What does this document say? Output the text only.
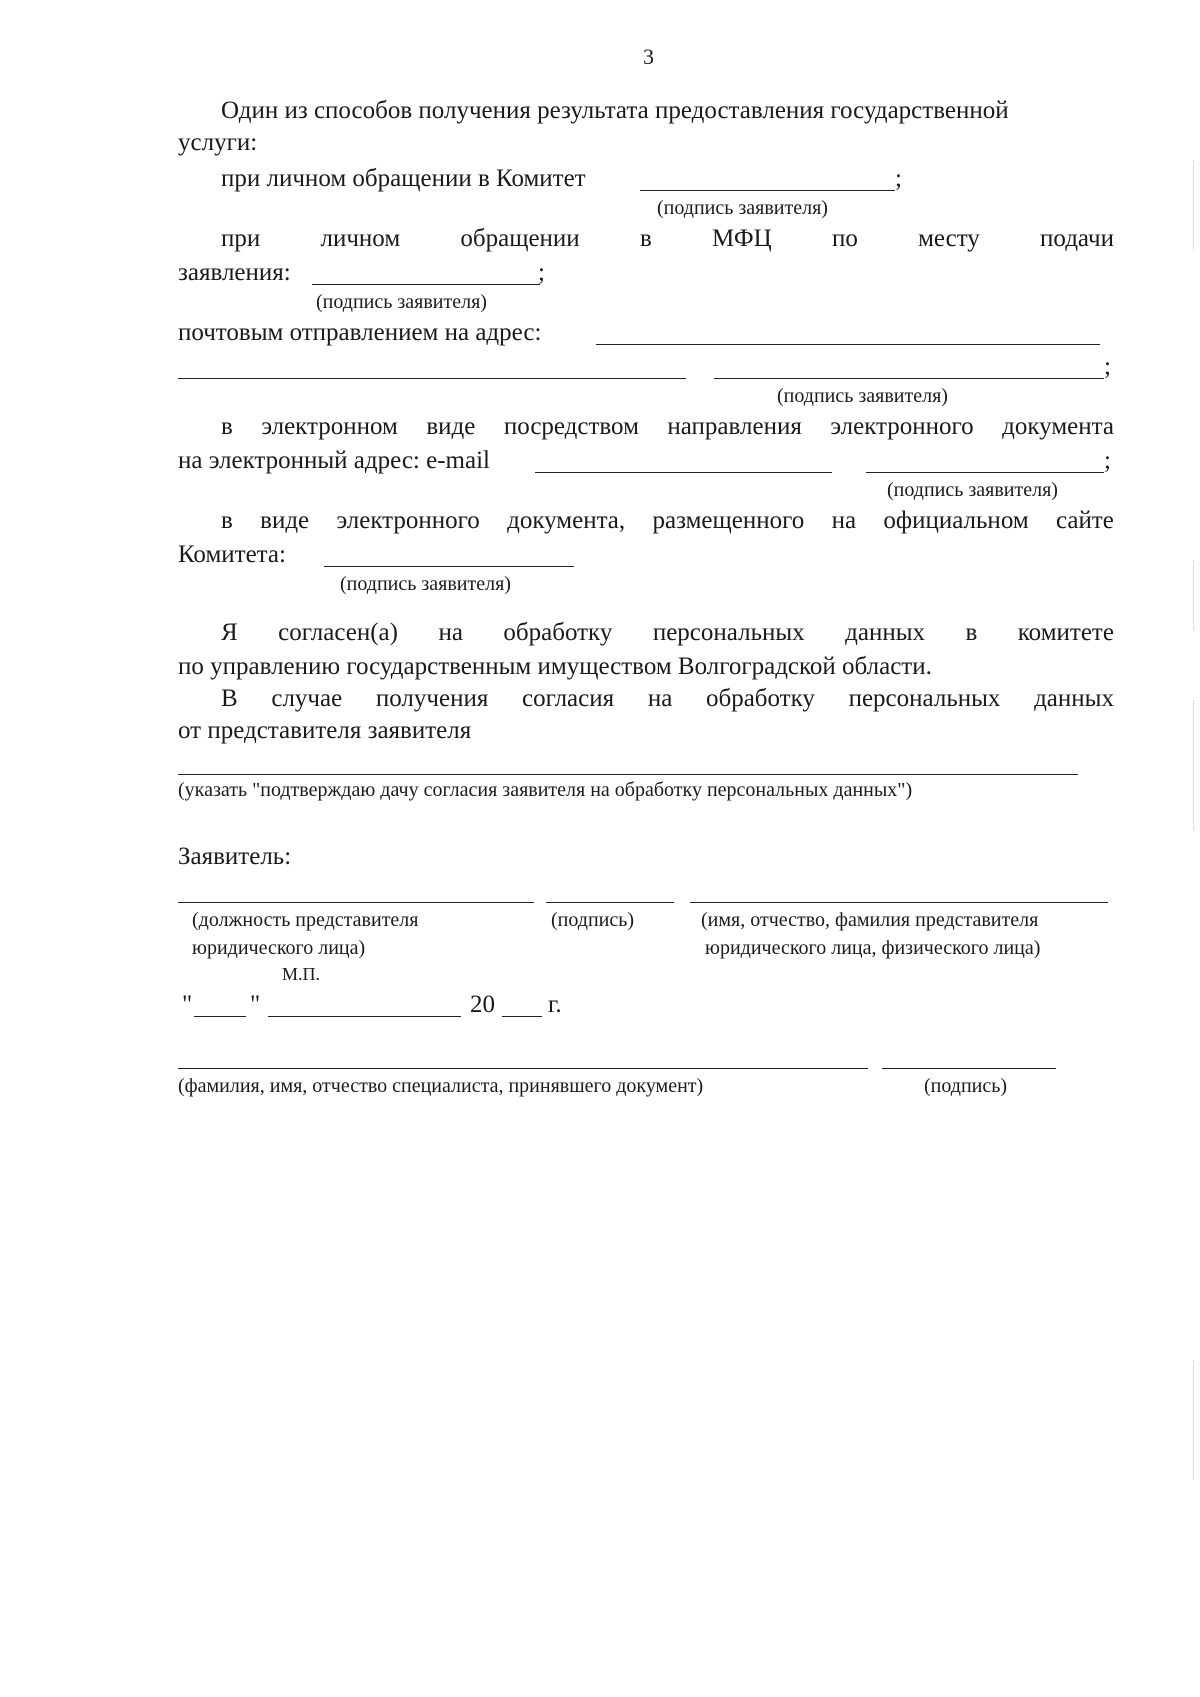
3
Один из способов получения результата предоставления государственной
услуги:
при личном обращении в Комитет	;
(подпись заявителя)
при личном обращении в МФЦ по месту подачи
заявления:	;
(подпись заявителя)
почтовым отправлением на адрес:
;
(подпись заявителя)
в электронном виде посредством направления электронного документа
на электронный адрес: e-mail	;
(подпись заявителя)
в виде электронного документа, размещенного на официальном сайте
Комитета:
(подпись заявителя)
Я согласен(а) на обработку персональных данных в комитете
по управлению государственным имуществом Волгоградской области.
В случае получения согласия на обработку персональных данных
от представителя заявителя
(указать "подтверждаю дачу согласия заявителя на обработку персональных данных")
Заявитель:
(должность представителя
юридического лица)
(подпись)	(имя, отчество, фамилия представителя
юридического лица, физического лица)
М.П.
" "	20 г.
(фамилия, имя, отчество специалиста, принявшего документ)	(подпись)
